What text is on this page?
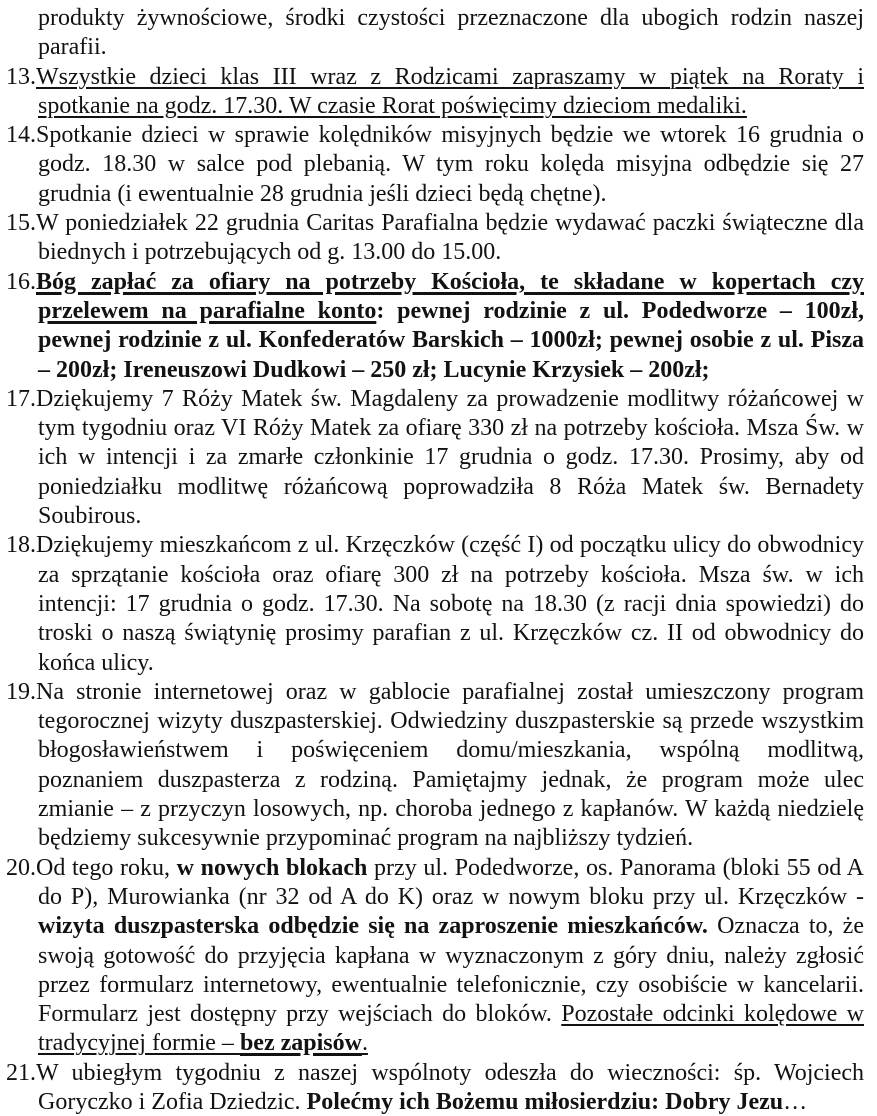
produkty żywnościowe, środki czystości przeznaczone dla ubogich rodzin naszej parafii.

13.Wszystkie dzieci klas III wraz z Rodzicami zapraszamy w piątek na Roraty i spotkanie na godz. 17.30. W czasie Rorat poświęcimy dzieciom medaliki.

14.Spotkanie dzieci w sprawie kolędników misyjnych będzie we wtorek 16 grudnia o godz. 18.30 w salce pod plebanią. W tym roku kolęda misyjna odbędzie się 27 grudnia (i ewentualnie 28 grudnia jeśli dzieci będą chętne).

15.W poniedziałek 22 grudnia Caritas Parafialna będzie wydawać paczki świąteczne dla biednych i potrzebujących od g. 13.00 do 15.00.

16.Bóg zapłać za ofiary na potrzeby Kościoła, te składane w kopertach czy przelewem na parafialne konto: pewnej rodzinie z ul. Podedworze – 100zł, pewnej rodzinie z ul. Konfederatów Barskich – 1000zł; pewnej osobie z ul. Pisza – 200zł; Ireneuszowi Dudkowi – 250 zł; Lucynie Krzysiek – 200zł;

17.Dziękujemy 7 Róży Matek św. Magdaleny za prowadzenie modlitwy różańcowej w tym tygodniu oraz VI Róży Matek za ofiarę 330 zł na potrzeby kościoła. Msza Św. w ich w intencji i za zmarłe członkinie 17 grudnia o godz. 17.30. Prosimy, aby od poniedziałku modlitwę różańcową poprowadziła 8 Róża Matek św. Bernadety Soubirous.

18.Dziękujemy mieszkańcom z ul. Krzęczków (część I) od początku ulicy do obwodnicy za sprzątanie kościoła oraz ofiarę 300 zł na potrzeby kościoła. Msza św. w ich intencji: 17 grudnia o godz. 17.30. Na sobotę na 18.30 (z racji dnia spowiedzi) do troski o naszą świątynię prosimy parafian z ul. Krzęczków cz. II od obwodnicy do końca ulicy.

19.Na stronie internetowej oraz w gablocie parafialnej został umieszczony program tegorocznej wizyty duszpasterskiej. Odwiedziny duszpasterskie są przede wszystkim błogosławieństwem i poświęceniem domu/mieszkania, wspólną modlitwą, poznaniem duszpasterza z rodziną. Pamiętajmy jednak, że program może ulec zmianie – z przyczyn losowych, np. choroba jednego z kapłanów. W każdą niedzielę będziemy sukcesywnie przypominać program na najbliższy tydzień.

20.Od tego roku, w nowych blokach przy ul. Podedworze, os. Panorama (bloki 55 od A do P), Murowianka (nr 32 od A do K) oraz w nowym bloku przy ul. Krzęczków - wizyta duszpasterska odbędzie się na zaproszenie mieszkańców. Oznacza to, że swoją gotowość do przyjęcia kapłana w wyznaczonym z góry dniu, należy zgłosić przez formularz internetowy, ewentualnie telefonicznie, czy osobiście w kancelarii. Formularz jest dostępny przy wejściach do bloków. Pozostałe odcinki kolędowe w tradycyjnej formie – bez zapisów.

21.W ubiegłym tygodniu z naszej wspólnoty odeszła do wieczności: śp. Wojciech Goryczko i Zofia Dziedzic. Polećmy ich Bożemu miłosierdziu: Dobry Jezu…
